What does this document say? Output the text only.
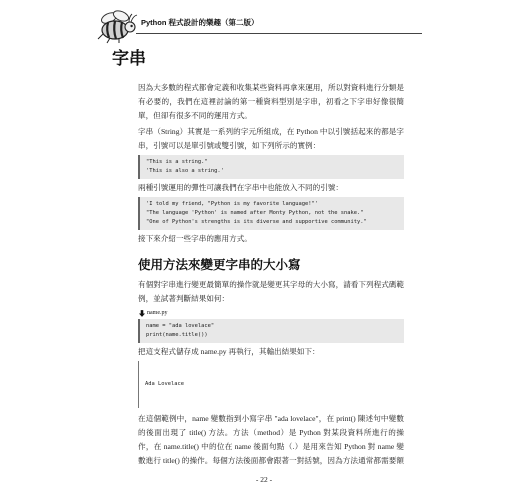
Python 程式設計的樂趣（第二版）
字串

因為大多數的程式都會定義和收集某些資料再拿來運用，所以對資料進行分類是有必要的，我們在這裡討論的第一種資料型別是字串，初看之下字串好像很簡單，但卻有很多不同的運用方式。

字串（String）其實是一系列的字元所組成，在 Python 中以引號括起來的都是字串，引號可以是單引號或雙引號，如下列所示的實例：

"This is a string."
'This is also a string.'

兩種引號運用的彈性可讓我們在字串中也能放入不同的引號：

'I told my friend, "Python is my favorite language!"'
"The language 'Python' is named after Monty Python, not the snake."
"One of Python's strengths is its diverse and supportive community."

接下來介紹一些字串的應用方式。

使用方法來變更字串的大小寫

有個對字串進行變更最簡單的操作就是變更其字母的大小寫，請看下列程式碼範例，並試著判斷結果如何：

name.py
name = "ada lovelace"
print(name.title())

把這支程式儲存成 name.py 再執行，其輸出結果如下：

Ada Lovelace

在這個範例中，name 變數指到小寫字串 "ada lovelace"，在 print() 陳述句中變數的後面出現了 title() 方法。方法（method）是 Python 對某段資料所進行的操作，在 name.title() 中的位在 name 後面句點（.）是用來告知 Python 對 name 變數進行 title() 的操作。每個方法後面都會跟著一對括號，因為方法通常都需要額

- 22 -
